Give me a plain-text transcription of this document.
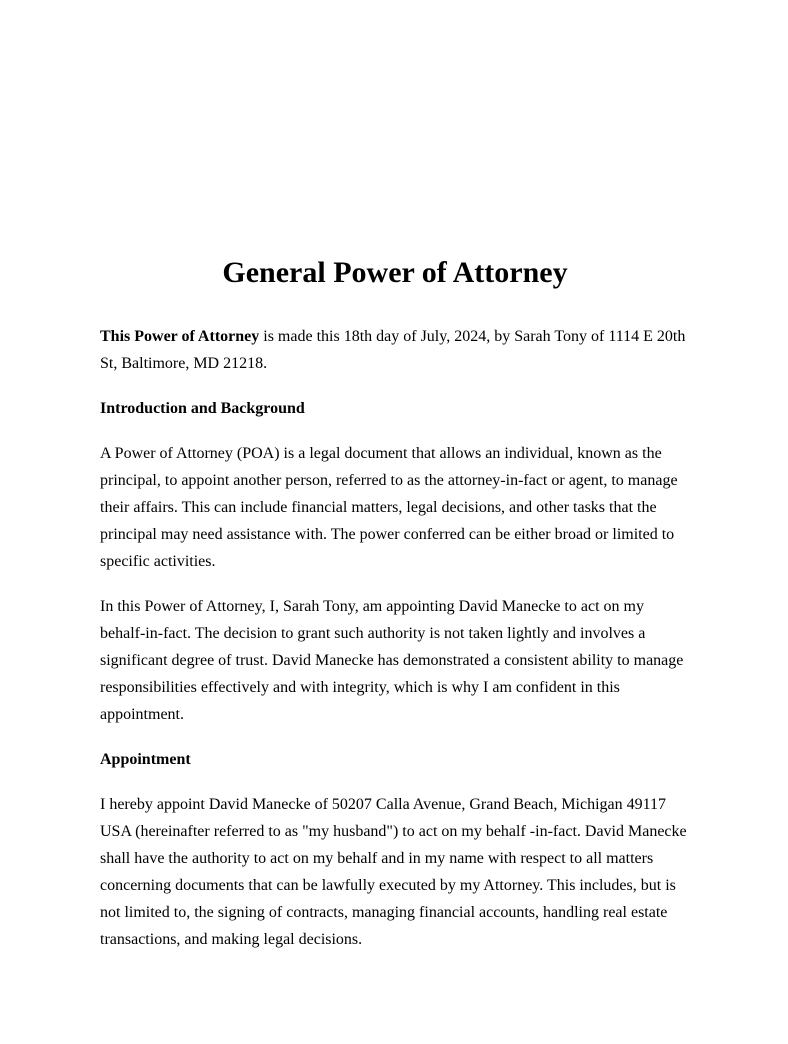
General Power of Attorney

This Power of Attorney is made this 18th day of July, 2024, by Sarah Tony of 1114 E 20th St, Baltimore, MD 21218.

Introduction and Background

A Power of Attorney (POA) is a legal document that allows an individual, known as the principal, to appoint another person, referred to as the attorney-in-fact or agent, to manage their affairs. This can include financial matters, legal decisions, and other tasks that the principal may need assistance with. The power conferred can be either broad or limited to specific activities.

In this Power of Attorney, I, Sarah Tony, am appointing David Manecke to act on my behalf-in-fact. The decision to grant such authority is not taken lightly and involves a significant degree of trust. David Manecke has demonstrated a consistent ability to manage responsibilities effectively and with integrity, which is why I am confident in this appointment.

Appointment

I hereby appoint David Manecke of 50207 Calla Avenue, Grand Beach, Michigan 49117 USA (hereinafter referred to as "my husband") to act on my behalf -in-fact. David Manecke shall have the authority to act on my behalf and in my name with respect to all matters concerning documents that can be lawfully executed by my Attorney. This includes, but is not limited to, the signing of contracts, managing financial accounts, handling real estate transactions, and making legal decisions.
